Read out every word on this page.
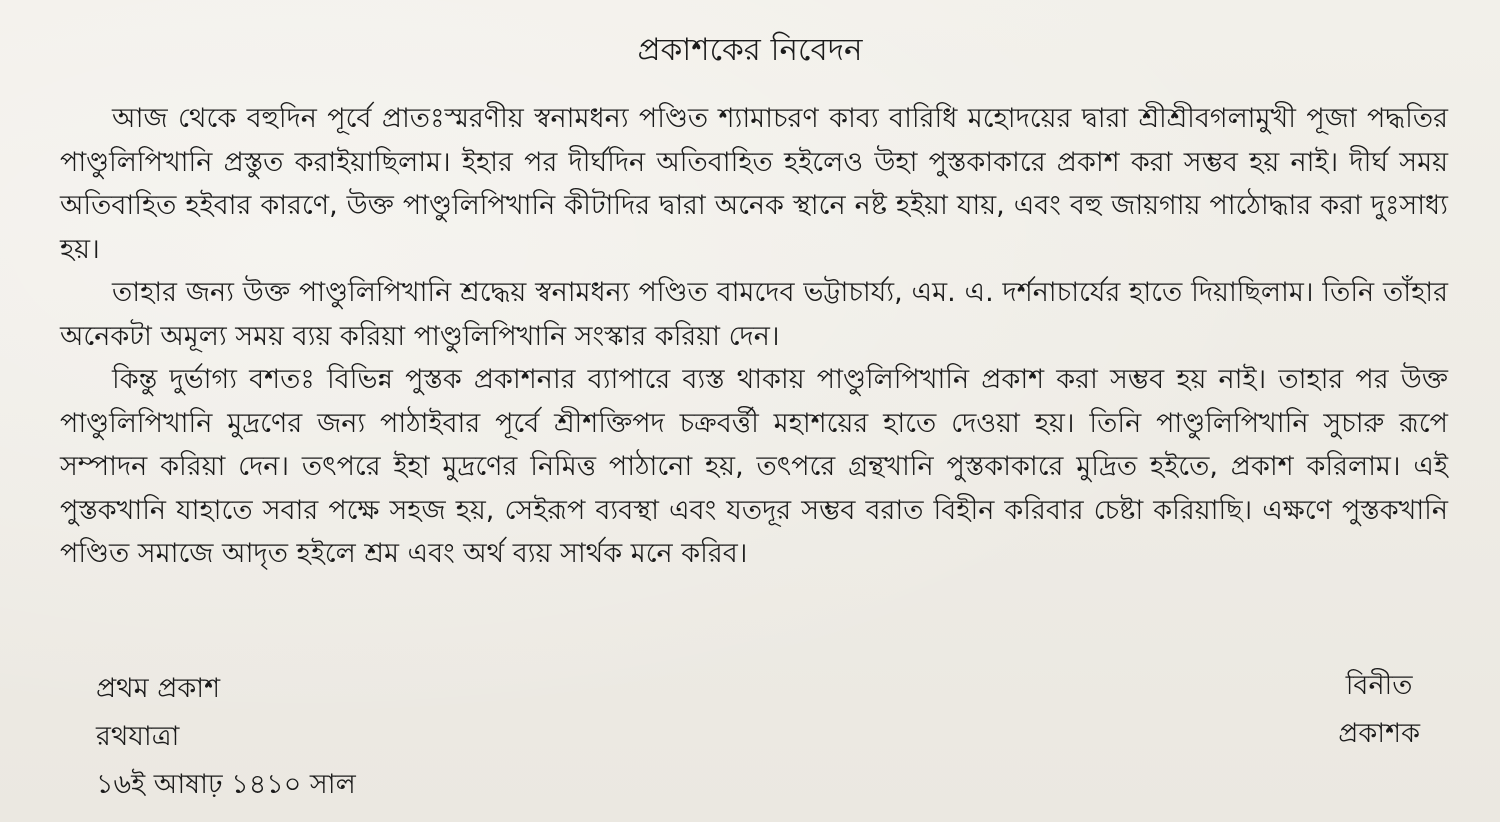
প্রকাশকের নিবেদন

আজ থেকে বহুদিন পূর্বে প্রাতঃস্মরণীয় স্বনামধন্য পণ্ডিত শ্যামাচরণ কাব্য বারিধি মহোদয়ের দ্বারা শ্রীশ্রীবগলামুখী পূজা পদ্ধতির পাণ্ডুলিপিখানি প্রস্তুত করাইয়াছিলাম। ইহার পর দীর্ঘদিন অতিবাহিত হইলেও উহা পুস্তকাকারে প্রকাশ করা সম্ভব হয় নাই। দীর্ঘ সময় অতিবাহিত হইবার কারণে, উক্ত পাণ্ডুলিপিখানি কীটাদির দ্বারা অনেক স্থানে নষ্ট হইয়া যায়, এবং বহু জায়গায় পাঠোদ্ধার করা দুঃসাধ্য হয়।

তাহার জন্য উক্ত পাণ্ডুলিপিখানি শ্রদ্ধেয় স্বনামধন্য পণ্ডিত বামদেব ভট্টাচার্য্য, এম. এ. দর্শনাচার্যের হাতে দিয়াছিলাম। তিনি তাঁহার অনেকটা অমূল্য সময় ব্যয় করিয়া পাণ্ডুলিপিখানি সংস্কার করিয়া দেন।

কিন্তু দুর্ভাগ্য বশতঃ বিভিন্ন পুস্তক প্রকাশনার ব্যাপারে ব্যস্ত থাকায় পাণ্ডুলিপিখানি প্রকাশ করা সম্ভব হয় নাই। তাহার পর উক্ত পাণ্ডুলিপিখানি মুদ্রণের জন্য পাঠাইবার পূর্বে শ্রীশক্তিপদ চক্রবর্ত্তী মহাশয়ের হাতে দেওয়া হয়। তিনি পাণ্ডুলিপিখানি সুচারু রূপে সম্পাদন করিয়া দেন। তৎপরে ইহা মুদ্রণের নিমিত্ত পাঠানো হয়, তৎপরে গ্রন্থখানি পুস্তকাকারে মুদ্রিত হইতে, প্রকাশ করিলাম। এই পুস্তকখানি যাহাতে সবার পক্ষে সহজ হয়, সেইরূপ ব্যবস্থা এবং যতদূর সম্ভব বরাত বিহীন করিবার চেষ্টা করিয়াছি। এক্ষণে পুস্তকখানি পণ্ডিত সমাজে আদৃত হইলে শ্রম এবং অর্থ ব্যয় সার্থক মনে করিব।

প্রথম প্রকাশ
রথযাত্রা
১৬ই আষাঢ় ১৪১০ সাল
বিনীত
প্রকাশক
